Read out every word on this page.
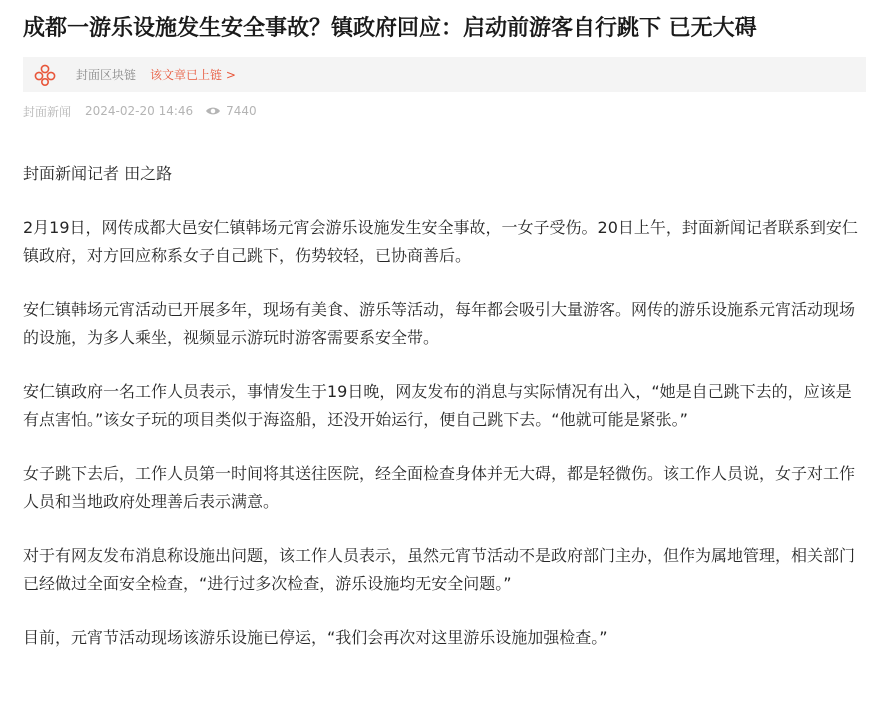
成都一游乐设施发生安全事故？镇政府回应：启动前游客自行跳下 已无大碍
封面区块链 该文章已上链 >
封面新闻 2024-02-20 14:46	7440

封面新闻记者 田之路

2月19日，网传成都大邑安仁镇韩场元宵会游乐设施发生安全事故，一女子受伤。20日上午，封面新闻记者联系到安仁镇政府，对方回应称系女子自己跳下，伤势较轻，已协商善后。

安仁镇韩场元宵活动已开展多年，现场有美食、游乐等活动，每年都会吸引大量游客。网传的游乐设施系元宵活动现场的设施，为多人乘坐，视频显示游玩时游客需要系安全带。

安仁镇政府一名工作人员表示，事情发生于19日晚，网友发布的消息与实际情况有出入，“她是自己跳下去的，应该是有点害怕。”该女子玩的项目类似于海盗船，还没开始运行，便自己跳下去。“他就可能是紧张。”

女子跳下去后，工作人员第一时间将其送往医院，经全面检查身体并无大碍，都是轻微伤。该工作人员说，女子对工作人员和当地政府处理善后表示满意。

对于有网友发布消息称设施出问题，该工作人员表示，虽然元宵节活动不是政府部门主办，但作为属地管理，相关部门已经做过全面安全检查，“进行过多次检查，游乐设施均无安全问题。”

目前，元宵节活动现场该游乐设施已停运，“我们会再次对这里游乐设施加强检查。”
